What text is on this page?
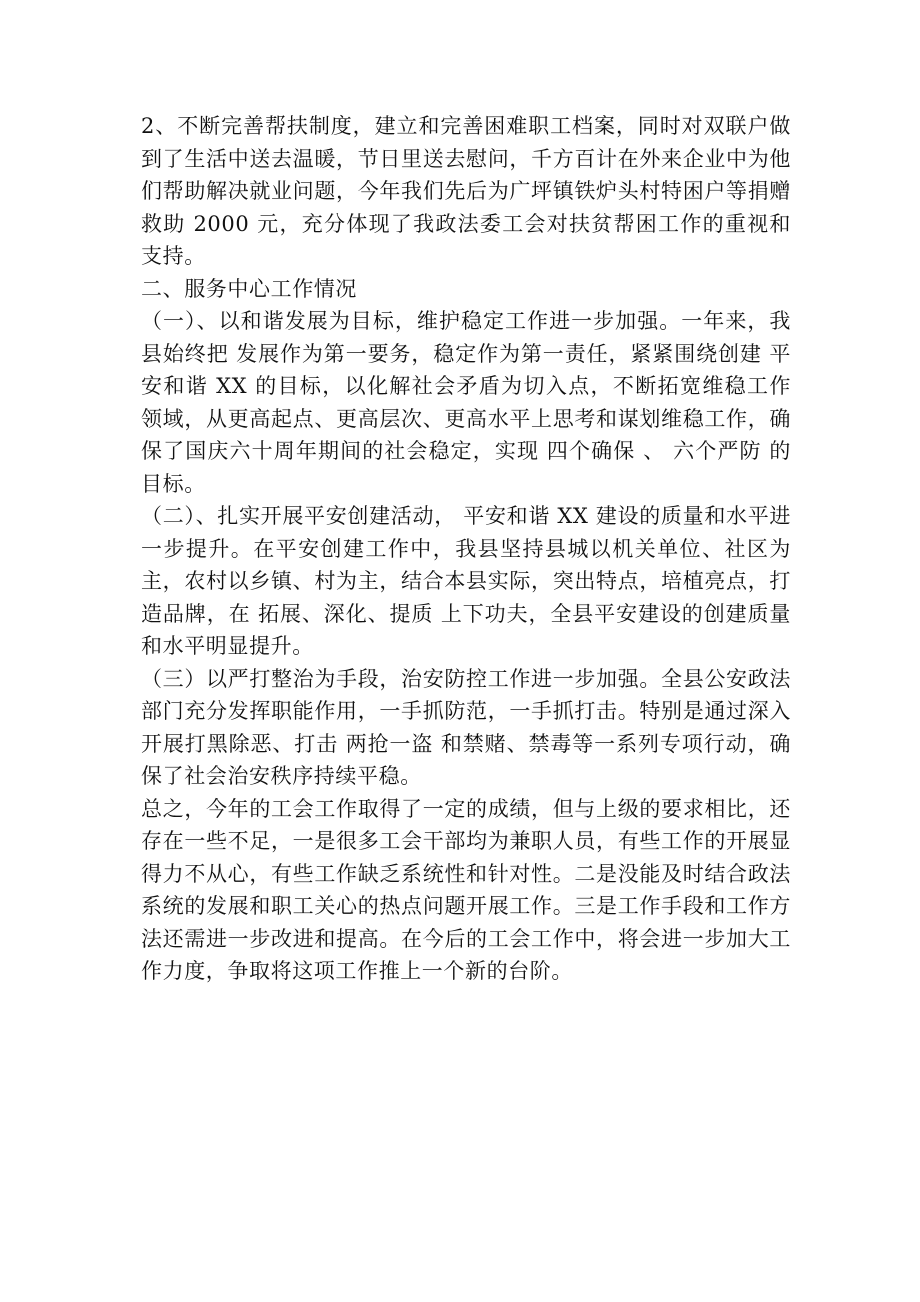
2、不断完善帮扶制度，建立和完善困难职工档案，同时对双联户做到了生活中送去温暖，节日里送去慰问，千方百计在外来企业中为他们帮助解决就业问题，今年我们先后为广坪镇铁炉头村特困户等捐赠救助 2000 元，充分体现了我政法委工会对扶贫帮困工作的重视和支持。

二、服务中心工作情况

（一）、以和谐发展为目标，维护稳定工作进一步加强。一年来，我县始终把 发展作为第一要务，稳定作为第一责任，紧紧围绕创建 平安和谐 XX 的目标，以化解社会矛盾为切入点，不断拓宽维稳工作领域，从更高起点、更高层次、更高水平上思考和谋划维稳工作，确保了国庆六十周年期间的社会稳定，实现 四个确保 、 六个严防 的目标。

（二）、扎实开展平安创建活动， 平安和谐 XX 建设的质量和水平进一步提升。在平安创建工作中，我县坚持县城以机关单位、社区为主，农村以乡镇、村为主，结合本县实际，突出特点，培植亮点，打造品牌，在 拓展、深化、提质 上下功夫，全县平安建设的创建质量和水平明显提升。

（三）以严打整治为手段，治安防控工作进一步加强。全县公安政法部门充分发挥职能作用，一手抓防范，一手抓打击。特别是通过深入开展打黑除恶、打击 两抢一盗 和禁赌、禁毒等一系列专项行动，确保了社会治安秩序持续平稳。

总之，今年的工会工作取得了一定的成绩，但与上级的要求相比，还存在一些不足，一是很多工会干部均为兼职人员，有些工作的开展显得力不从心，有些工作缺乏系统性和针对性。二是没能及时结合政法系统的发展和职工关心的热点问题开展工作。三是工作手段和工作方法还需进一步改进和提高。在今后的工会工作中，将会进一步加大工作力度，争取将这项工作推上一个新的台阶。
